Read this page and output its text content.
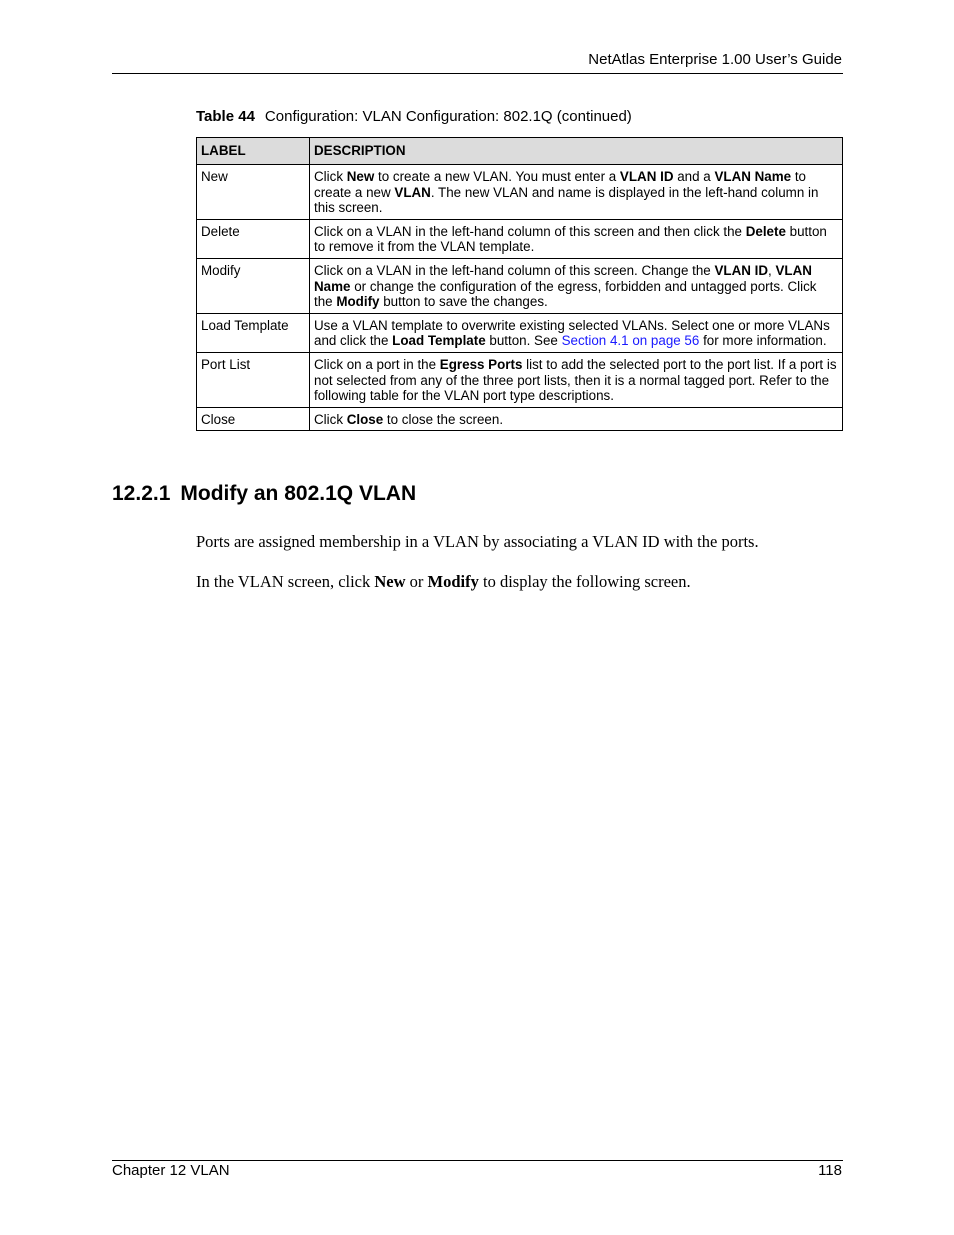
NetAtlas Enterprise 1.00 User’s Guide
Table 44 Configuration: VLAN Configuration: 802.1Q (continued)
LABEL	DESCRIPTION
New	Click New to create a new VLAN. You must enter a VLAN ID and a VLAN Name to create a new VLAN. The new VLAN and name is displayed in the left-hand column in this screen.
Delete	Click on a VLAN in the left-hand column of this screen and then click the Delete button to remove it from the VLAN template.
Modify	Click on a VLAN in the left-hand column of this screen. Change the VLAN ID, VLAN Name or change the configuration of the egress, forbidden and untagged ports. Click the Modify button to save the changes.
Load Template	Use a VLAN template to overwrite existing selected VLANs. Select one or more VLANs and click the Load Template button. See Section 4.1 on page 56 for more information.
Port List	Click on a port in the Egress Ports list to add the selected port to the port list. If a port is not selected from any of the three port lists, then it is a normal tagged port. Refer to the following table for the VLAN port type descriptions.
Close	Click Close to close the screen.
12.2.1 Modify an 802.1Q VLAN

Ports are assigned membership in a VLAN by associating a VLAN ID with the ports.

In the VLAN screen, click New or Modify to display the following screen.

Chapter 12 VLAN	118
